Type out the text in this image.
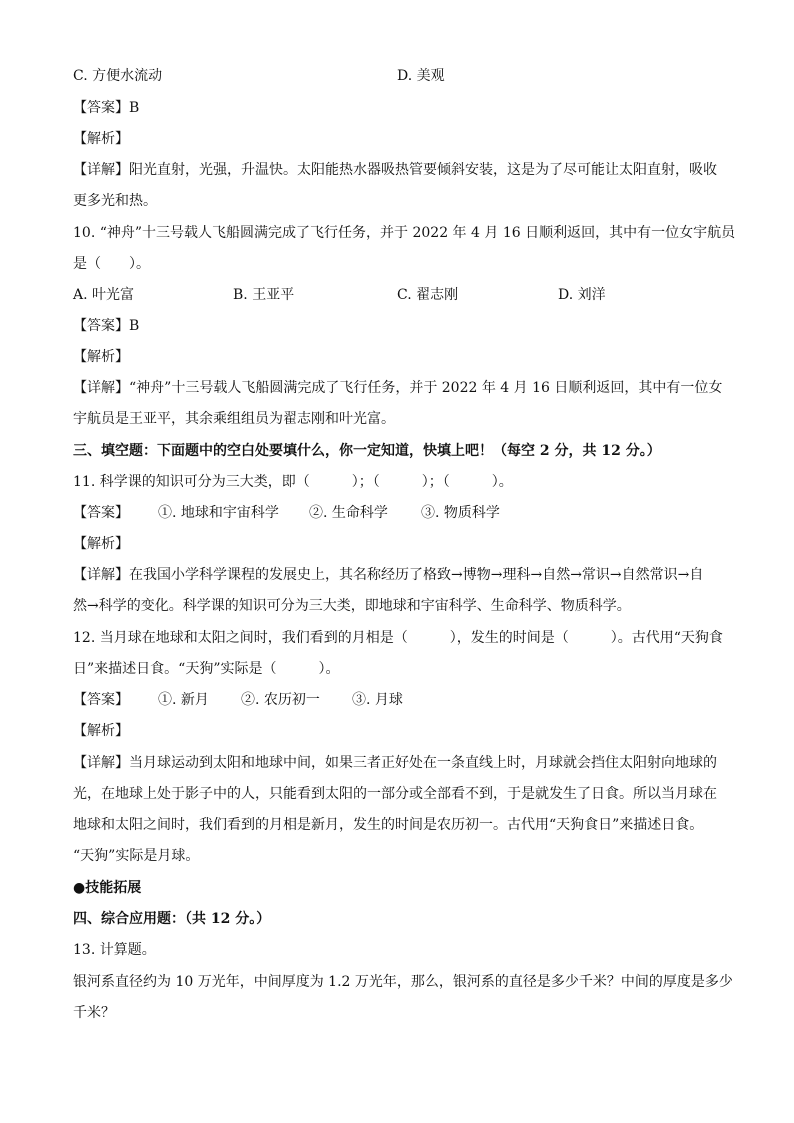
C. 方便水流动	D. 美观
【答案】B
【解析】
【详解】阳光直射，光强，升温快。太阳能热水器吸热管要倾斜安装，这是为了尽可能让太阳直射，吸收
更多光和热。
10. “神舟”十三号载人飞船圆满完成了飞行任务，并于 2022 年 4 月 16 日顺利返回，其中有一位女宇航员
是（　　）。
A. 叶光富	B. 王亚平	C. 翟志刚	D. 刘洋
【答案】B
【解析】
【详解】“神舟”十三号载人飞船圆满完成了飞行任务，并于 2022 年 4 月 16 日顺利返回，其中有一位女
宇航员是王亚平，其余乘组组员为翟志刚和叶光富。
三、填空题：下面题中的空白处要填什么，你一定知道，快填上吧！（每空 2 分，共 12 分。）
11. 科学课的知识可分为三大类，即（　　　）；（　　　）；（　　　）。
【答案】 ①. 地球和宇宙科学 ②. 生命科学 ③. 物质科学
【解析】
【详解】在我国小学科学课程的发展史上，其名称经历了格致→博物→理科→自然→常识→自然常识→自
然→科学的变化。科学课的知识可分为三大类，即地球和宇宙科学、生命科学、物质科学。
12. 当月球在地球和太阳之间时，我们看到的月相是（　　　），发生的时间是（　　　）。古代用“天狗食
日”来描述日食。“天狗”实际是（　　　）。
【答案】 ①. 新月 ②. 农历初一 ③. 月球
【解析】
【详解】当月球运动到太阳和地球中间，如果三者正好处在一条直线上时，月球就会挡住太阳射向地球的
光，在地球上处于影子中的人，只能看到太阳的一部分或全部看不到，于是就发生了日食。所以当月球在
地球和太阳之间时，我们看到的月相是新月，发生的时间是农历初一。古代用“天狗食日”来描述日食。
“天狗”实际是月球。
●技能拓展
四、综合应用题：（共 12 分。）
13. 计算题。
银河系直径约为 10 万光年，中间厚度为 1.2 万光年，那么，银河系的直径是多少千米？中间的厚度是多少
千米？
